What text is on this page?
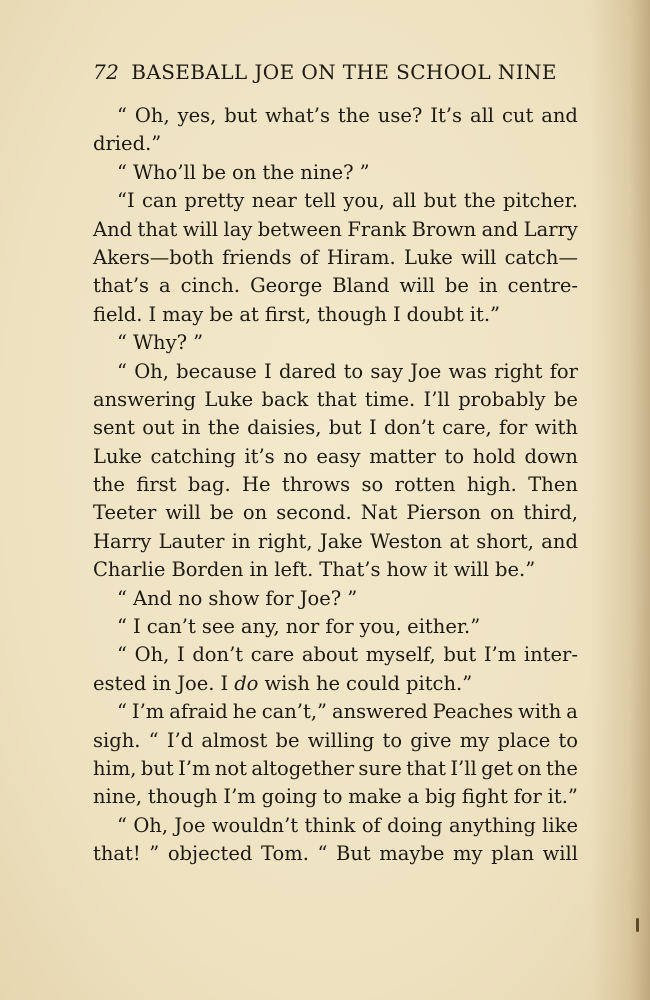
72 BASEBALL JOE ON THE SCHOOL NINE
“ Oh, yes, but what’s the use? It’s all cut and
dried.”
“ Who’ll be on the nine? ”
“I can pretty near tell you, all but the pitcher.
And that will lay between Frank Brown and Larry
Akers—both friends of Hiram. Luke will catch—
that’s a cinch. George Bland will be in centre-
field. I may be at first, though I doubt it.”
“ Why? ”
“ Oh, because I dared to say Joe was right for
answering Luke back that time. I’ll probably be
sent out in the daisies, but I don’t care, for with
Luke catching it’s no easy matter to hold down
the first bag. He throws so rotten high. Then
Teeter will be on second. Nat Pierson on third,
Harry Lauter in right, Jake Weston at short, and
Charlie Borden in left. That’s how it will be.”
“ And no show for Joe? ”
“ I can’t see any, nor for you, either.”
“ Oh, I don’t care about myself, but I’m inter-
ested in Joe. I do wish he could pitch.”
“ I’m afraid he can’t,” answered Peaches with a
sigh. “ I’d almost be willing to give my place to
him, but I’m not altogether sure that I’ll get on the
nine, though I’m going to make a big fight for it.”
“ Oh, Joe wouldn’t think of doing anything like
that! ” objected Tom. “ But maybe my plan will
